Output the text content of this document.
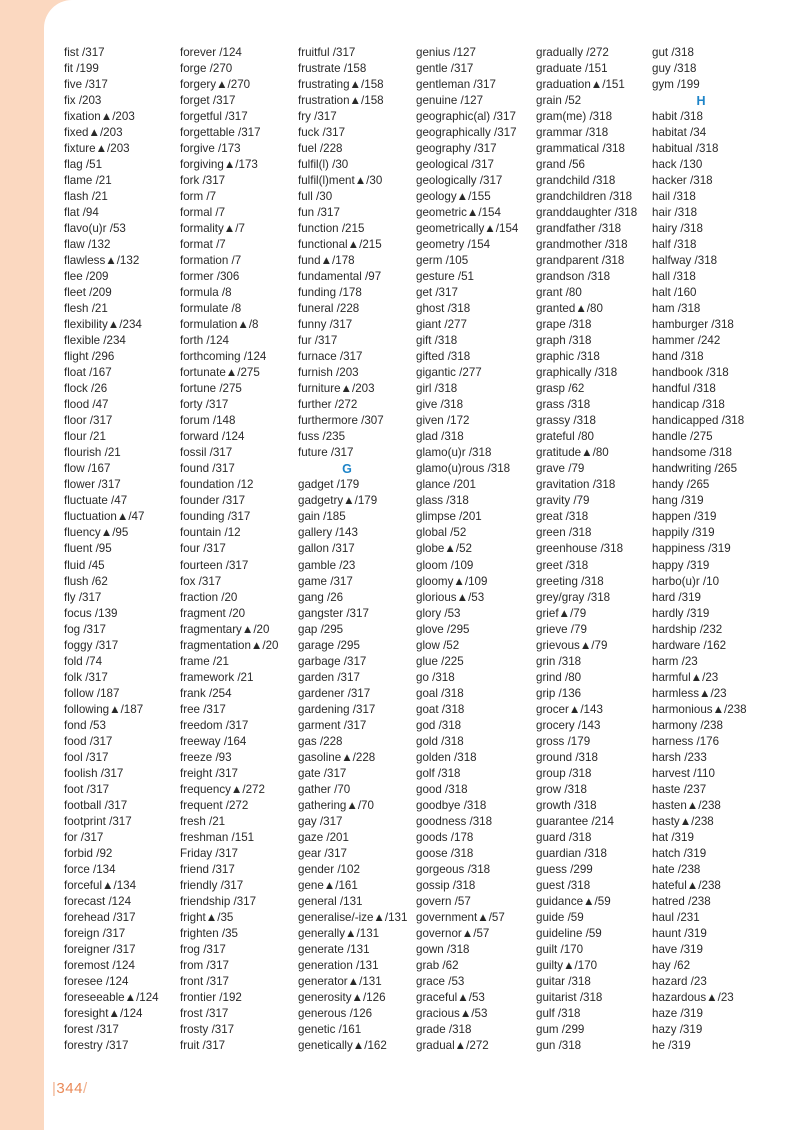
fist /317
fit /199
five /317
fix /203
fixation▲/203
fixed▲/203
fixture▲/203
flag /51
flame /21
flash /21
flat /94
flavo(u)r /53
flaw /132
flawless▲/132
flee /209
fleet /209
flesh /21
flexibility▲/234
flexible /234
flight /296
float /167
flock /26
flood /47
floor /317
flour /21
flourish /21
flow /167
flower /317
fluctuate /47
fluctuation▲/47
fluency▲/95
fluent /95
fluid /45
flush /62
fly /317
focus /139
fog /317
foggy /317
fold /74
folk /317
follow /187
following▲/187
fond /53
food /317
fool /317
foolish /317
foot /317
football /317
footprint /317
for /317
forbid /92
force /134
forceful▲/134
forecast /124
forehead /317
foreign /317
foreigner /317
foremost /124
foresee /124
foreseeable▲/124
foresight▲/124
forest /317
forestry /317
forever /124
forge /270
forgery▲/270
forget /317
forgetful /317
forgettable /317
forgive /173
forgiving▲/173
fork /317
form /7
formal /7
formality▲/7
format /7
formation /7
former /306
formula /8
formulate /8
formulation▲/8
forth /124
forthcoming /124
fortunate▲/275
fortune /275
forty /317
forum /148
forward /124
fossil /317
found /317
foundation /12
founder /317
founding /317
fountain /12
four /317
fourteen /317
fox /317
fraction /20
fragment /20
fragmentary▲/20
fragmentation▲/20
frame /21
framework /21
frank /254
free /317
freedom /317
freeway /164
freeze /93
freight /317
frequency▲/272
frequent /272
fresh /21
freshman /151
Friday /317
friend /317
friendly /317
friendship /317
fright▲/35
frighten /35
frog /317
from /317
front /317
frontier /192
frost /317
frosty /317
fruit /317
fruitful /317
frustrate /158
frustrating▲/158
frustration▲/158
fry /317
fuck /317
fuel /228
fulfil(l) /30
fulfil(l)ment▲/30
full /30
fun /317
function /215
functional▲/215
fund▲/178
fundamental /97
funding /178
funeral /228
funny /317
fur /317
furnace /317
furnish /203
furniture▲/203
further /272
furthermore /307
fuss /235
future /317
G
gadget /179
gadgetry▲/179
gain /185
gallery /143
gallon /317
gamble /23
game /317
gang /26
gangster /317
gap /295
garage /295
garbage /317
garden /317
gardener /317
gardening /317
garment /317
gas /228
gasoline▲/228
gate /317
gather /70
gathering▲/70
gay /317
gaze /201
gear /317
gender /102
gene▲/161
general /131
generalise/-ize▲/131
generally▲/131
generate /131
generation /131
generator▲/131
generosity▲/126
generous /126
genetic /161
genetically▲/162
genius /127
gentle /317
gentleman /317
genuine /127
geographic(al) /317
geographically /317
geography /317
geological /317
geologically /317
geology▲/155
geometric▲/154
geometrically▲/154
geometry /154
germ /105
gesture /51
get /317
ghost /318
giant /277
gift /318
gifted /318
gigantic /277
girl /318
give /318
given /172
glad /318
glamo(u)r /318
glamo(u)rous /318
glance /201
glass /318
glimpse /201
global /52
globe▲/52
gloom /109
gloomy▲/109
glorious▲/53
glory /53
glove /295
glow /52
glue /225
go /318
goal /318
goat /318
god /318
gold /318
golden /318
golf /318
good /318
goodbye /318
goodness /318
goods /178
goose /318
gorgeous /318
gossip /318
govern /57
government▲/57
governor▲/57
gown /318
grab /62
grace /53
graceful▲/53
gracious▲/53
grade /318
gradual▲/272
gradually /272
graduate /151
graduation▲/151
grain /52
gram(me) /318
grammar /318
grammatical /318
grand /56
grandchild /318
grandchildren /318
granddaughter /318
grandfather /318
grandmother /318
grandparent /318
grandson /318
grant /80
granted▲/80
grape /318
graph /318
graphic /318
graphically /318
grasp /62
grass /318
grassy /318
grateful /80
gratitude▲/80
grave /79
gravitation /318
gravity /79
great /318
green /318
greenhouse /318
greet /318
greeting /318
grey/gray /318
grief▲/79
grieve /79
grievous▲/79
grin /318
grind /80
grip /136
grocer▲/143
grocery /143
gross /179
ground /318
group /318
grow /318
growth /318
guarantee /214
guard /318
guardian /318
guess /299
guest /318
guidance▲/59
guide /59
guideline /59
guilt /170
guilty▲/170
guitar /318
guitarist /318
gulf /318
gum /299
gun /318
gut /318
guy /318
gym /199
H
habit /318
habitat /34
habitual /318
hack /130
hacker /318
hail /318
hair /318
hairy /318
half /318
halfway /318
hall /318
halt /160
ham /318
hamburger /318
hammer /242
hand /318
handbook /318
handful /318
handicap /318
handicapped /318
handle /275
handsome /318
handwriting /265
handy /265
hang /319
happen /319
happily /319
happiness /319
happy /319
harbo(u)r /10
hard /319
hardly /319
hardship /232
hardware /162
harm /23
harmful▲/23
harmless▲/23
harmonious▲/238
harmony /238
harness /176
harsh /233
harvest /110
haste /237
hasten▲/238
hasty▲/238
hat /319
hatch /319
hate /238
hateful▲/238
hatred /238
haul /231
haunt /319
have /319
hay /62
hazard /23
hazardous▲/23
haze /319
hazy /319
he /319
|344/
